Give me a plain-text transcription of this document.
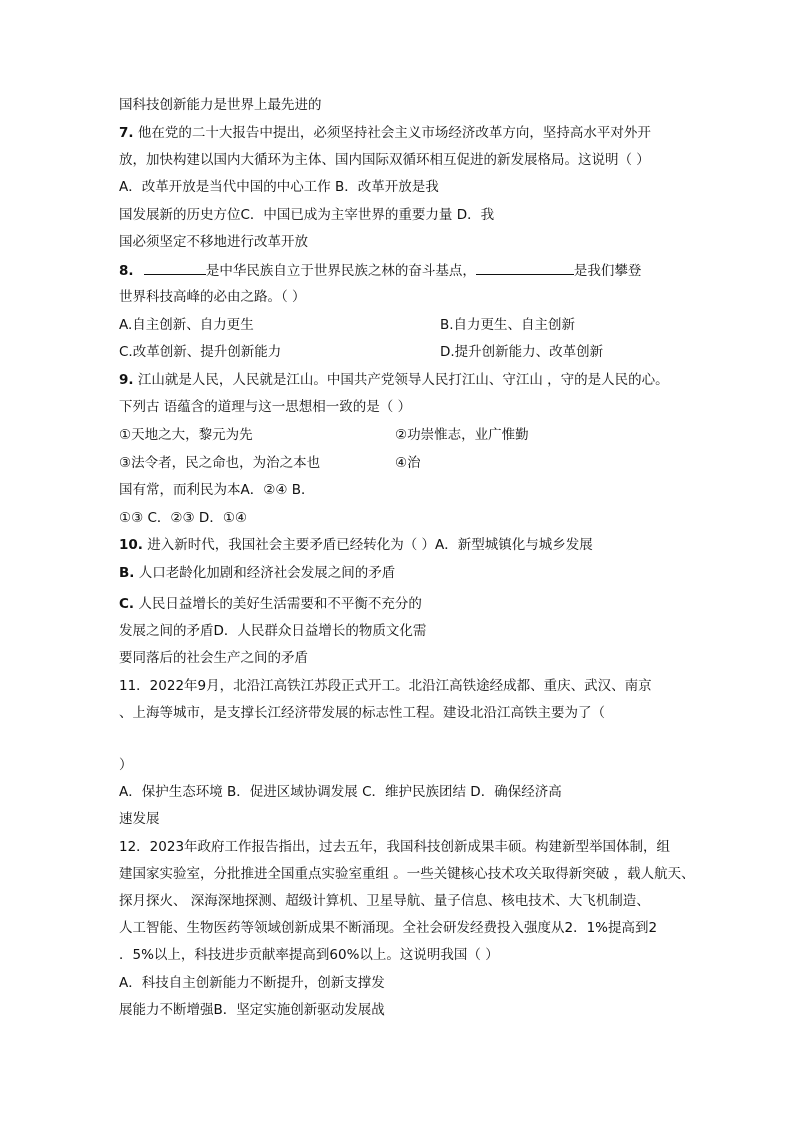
国科技创新能力是世界上最先进的
7. 他在党的二十大报告中提出，必须坚持社会主义市场经济改革方向，坚持高水平对外开
放，加快构建以国内大循环为主体、国内国际双循环相互促进的新发展格局。这说明（ ）
A．改革开放是当代中国的中心工作 B．改革开放是我
国发展新的历史方位C．中国已成为主宰世界的重要力量 D．我
国必须坚定不移地进行改革开放
8.	是中华民族自立于世界民族之林的奋斗基点，	是我们攀登
世界科技高峰的必由之路。（ ）
A.自主创新、自力更生	B.自力更生、自主创新
C.改革创新、提升创新能力	D.提升创新能力、改革创新
9. 江山就是人民，人民就是江山。中国共产党领导人民打江山、守江山 ，守的是人民的心。
下列古 语蕴含的道理与这一思想相一致的是（ ）
①天地之大，黎元为先	②功崇惟志，业广惟勤
③法令者，民之命也，为治之本也	④治
国有常，而利民为本A．②④ B．
①③ C．②③ D．①④
10. 进入新时代，我国社会主要矛盾已经转化为（ ）A．新型城镇化与城乡发展
B. 人口老龄化加剧和经济社会发展之间的矛盾
C. 人民日益增长的美好生活需要和不平衡不充分的
发展之间的矛盾D．人民群众日益增长的物质文化需
要同落后的社会生产之间的矛盾
11．2022年9月，北沿江高铁江苏段正式开工。北沿江高铁途经成都、重庆、武汉、南京
、上海等城市，是支撑长江经济带发展的标志性工程。建设北沿江高铁主要为了（
）
A．保护生态环境 B．促进区域协调发展 C．维护民族团结 D．确保经济高
速发展
12．2023年政府工作报告指出，过去五年，我国科技创新成果丰硕。构建新型举国体制，组
建国家实验室，分批推进全国重点实验室重组 。一些关键核心技术攻关取得新突破 ，载人航天、
探月探火、 深海深地探测、超级计算机、卫星导航、量子信息、核电技术、大飞机制造、
人工智能、生物医药等领域创新成果不断涌现。全社会研发经费投入强度从2．1%提高到2
．5%以上，科技进步贡献率提高到60%以上。这说明我国（ ）
A．科技自主创新能力不断提升，创新支撑发
展能力不断增强B．坚定实施创新驱动发展战
